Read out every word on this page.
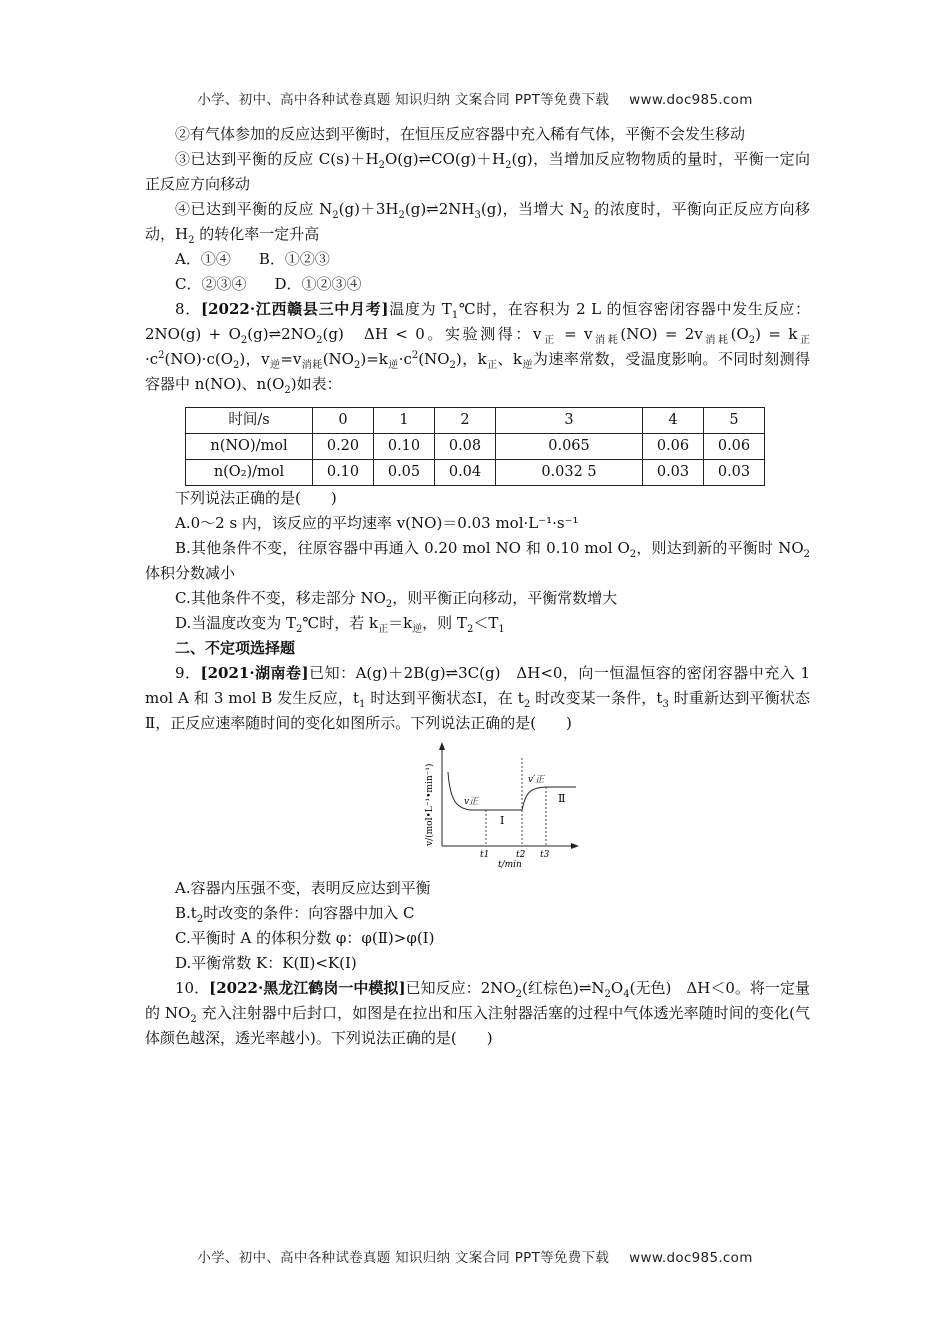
小学、初中、高中各种试卷真题 知识归纳 文案合同 PPT等免费下载 www.doc985.com
②有气体参加的反应达到平衡时，在恒压反应容器中充入稀有气体，平衡不会发生移动
③已达到平衡的反应 $C(s)+H_2O(g)\rightleftharpoons CO(g)+H_2(g)$，当增加反应物物质的量时，平衡一定向正反应方向移动
④已达到平衡的反应 $N_2(g)+3H_2(g)\rightleftharpoons 2NH_3(g)$，当增大 $N_2$ 的浓度时，平衡向正反应方向移动，$H_2$ 的转化率一定升高
A．①④ B．①②③
C．②③④ D．①②③④
8．[2022·江西赣县三中月考]温度为 $T_1℃$时，在容积为 2 L 的恒容密闭容器中发生反应：$2NO(g) + O_2(g)\rightleftharpoons 2NO_2(g)$　ΔH < 0。实验测得：$v_正 = v_{消耗}(NO) = 2v_{消耗}(O_2) = k_正\cdot c^2(NO)\cdot c(O_2)$，$v_逆=v_{消耗}(NO_2)=k_逆\cdot c^2(NO_2)$，$k_正$、$k_逆$为速率常数，受温度影响。不同时刻测得容器中 n(NO)、$n(O_2)$如表：
时间/s	0	1	2	3	4	5
n(NO)/mol	0.20	0.10	0.08	0.065	0.06	0.06
n(O₂)/mol	0.10	0.05	0.04	0.032 5	0.03	0.03
下列说法正确的是(　　)
A.0～2 s 内，该反应的平均速率 v(NO)＝0.03 mol·L⁻¹·s⁻¹
B.其他条件不变，往原容器中再通入 0.20 mol NO 和 0.10 mol $O_2$，则达到新的平衡时 $NO_2$体积分数减小
C.其他条件不变，移走部分 $NO_2$，则平衡正向移动，平衡常数增大
D.当温度改变为 $T_2℃$时，若 $k_正=k_逆$，则 $T_2<T_1$
二、不定项选择题
9．[2021·湖南卷]已知：A(g)＋2B(g)⇌3C(g)　ΔH<0，向一恒温恒容的密闭容器中充入 1 mol A 和 3 mol B 发生反应，$t_1$ 时达到平衡状态Ⅰ，在 $t_2$ 时改变某一条件，$t_3$ 时重新达到平衡状态Ⅱ，正反应速率随时间的变化如图所示。下列说法正确的是(　　)
v/(mol•L⁻¹•min⁻¹)
t/min
v正
v′正
Ⅰ
Ⅱ
t1	t2 t3
A.容器内压强不变，表明反应达到平衡
$B.t_2$时改变的条件：向容器中加入 C
C.平衡时 A 的体积分数 φ：φ(Ⅱ)>φ(Ⅰ)
D.平衡常数 K：K(Ⅱ)<K(Ⅰ)
10．[2022·黑龙江鹤岗一中模拟]已知反应：$2NO_2$(红棕色)$\rightleftharpoons N_2O_4$(无色)　ΔH＜0。将一定量的 $NO_2$ 充入注射器中后封口，如图是在拉出和压入注射器活塞的过程中气体透光率随时间的变化(气体颜色越深，透光率越小)。下列说法正确的是(　　)
小学、初中、高中各种试卷真题 知识归纳 文案合同 PPT等免费下载 www.doc985.com
